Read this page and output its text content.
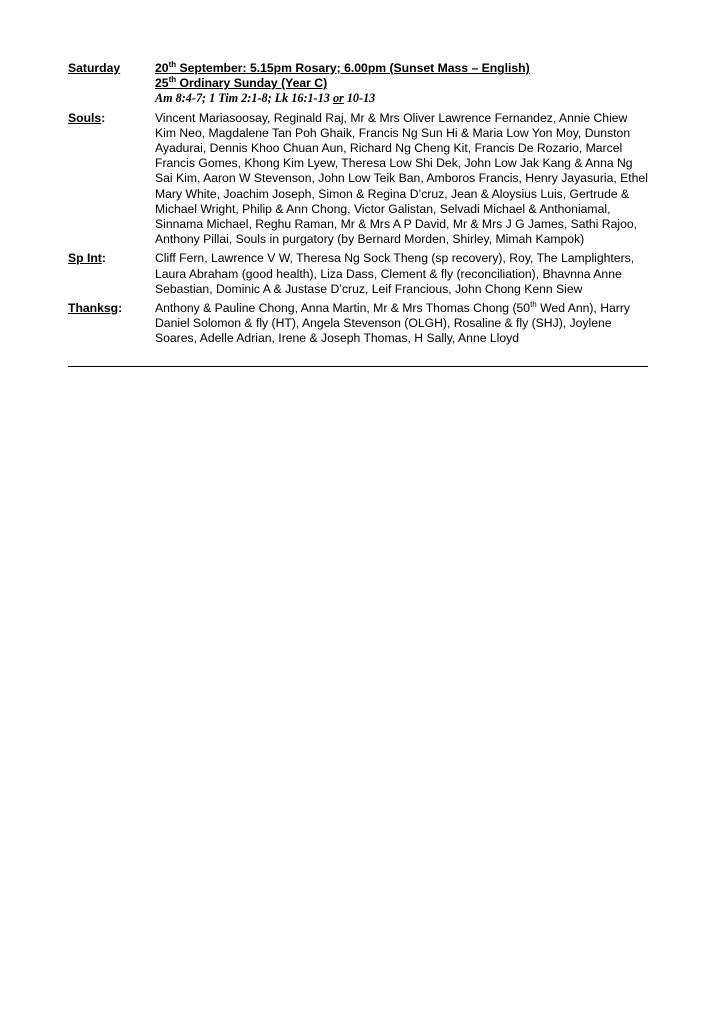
Saturday	20th September: 5.15pm Rosary; 6.00pm (Sunset Mass – English)
25th Ordinary Sunday (Year C)
Am 8:4-7; 1 Tim 2:1-8; Lk 16:1-13 or 10-13
Souls:	Vincent Mariasoosay, Reginald Raj, Mr & Mrs Oliver Lawrence Fernandez, Annie Chiew Kim Neo, Magdalene Tan Poh Ghaik, Francis Ng Sun Hi & Maria Low Yon Moy, Dunston Ayadurai, Dennis Khoo Chuan Aun, Richard Ng Cheng Kit, Francis De Rozario, Marcel Francis Gomes, Khong Kim Lyew, Theresa Low Shi Dek, John Low Jak Kang & Anna Ng Sai Kim, Aaron W Stevenson, John Low Teik Ban, Amboros Francis, Henry Jayasuria, Ethel Mary White, Joachim Joseph, Simon & Regina D’cruz, Jean & Aloysius Luis, Gertrude & Michael Wright, Philip & Ann Chong, Victor Galistan, Selvadi Michael & Anthoniamal, Sinnama Michael, Reghu Raman, Mr & Mrs A P David, Mr & Mrs J G James, Sathi Rajoo, Anthony Pillai, Souls in purgatory (by Bernard Morden, Shirley, Mimah Kampok)
Sp Int:	Cliff Fern, Lawrence V W, Theresa Ng Sock Theng (sp recovery), Roy, The Lamplighters, Laura Abraham (good health), Liza Dass, Clement & fly (reconciliation), Bhavnna Anne Sebastian, Dominic A & Justase D’cruz, Leif Francious, John Chong Kenn Siew
Thanksg:	Anthony & Pauline Chong, Anna Martin, Mr & Mrs Thomas Chong (50th Wed Ann), Harry Daniel Solomon & fly (HT), Angela Stevenson (OLGH), Rosaline & fly (SHJ), Joylene Soares, Adelle Adrian, Irene & Joseph Thomas, H Sally, Anne Lloyd
